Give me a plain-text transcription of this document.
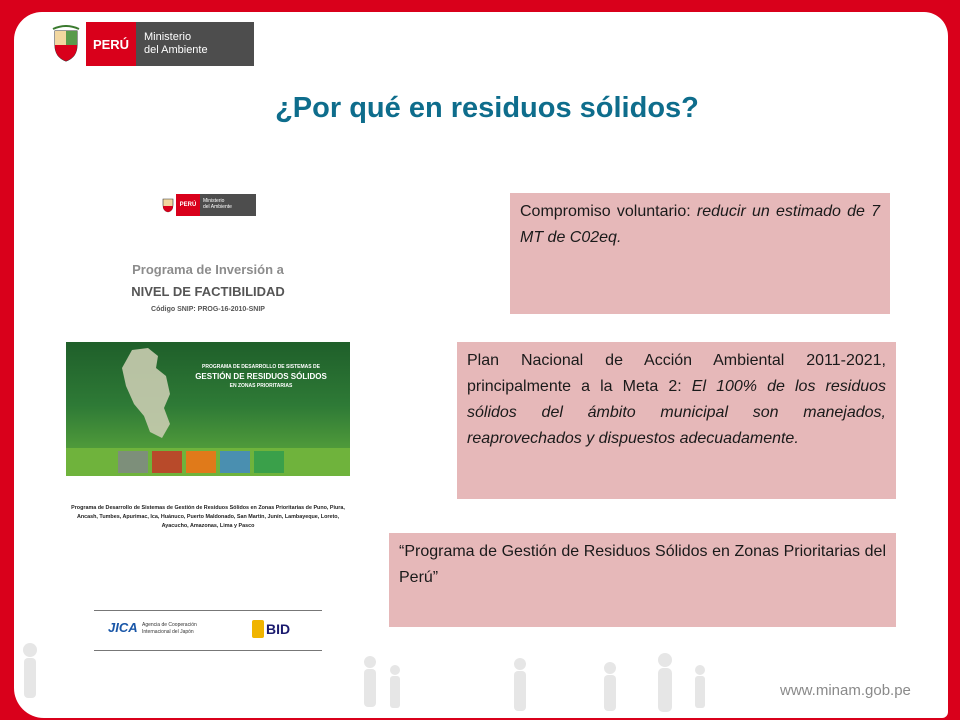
PERÚ	Ministerio
del Ambiente
¿Por qué en residuos sólidos?
PERÚ
Ministerio
del Ambiente
Programa de Inversión a
NIVEL DE FACTIBILIDAD
Código SNIP: PROG-16-2010-SNIP
PROGRAMA DE DESARROLLO DE SISTEMAS DE
GESTIÓN DE RESIDUOS SÓLIDOS
EN ZONAS PRIORITARIAS
Programa de Desarrollo de Sistemas de Gestión de Residuos Sólidos en Zonas Prioritarias de Puno, Piura, Ancash, Tumbes, Apurimac, Ica, Huánuco, Puerto Maldonado, San Martín, Junín, Lambayeque, Loreto, Ayacucho, Amazonas, Lima y Pasco
JICA Agencia de Cooperación Internacional del Japón	BID
Compromiso voluntario: reducir un estimado de 7 MT de C02eq.
Plan Nacional de Acción Ambiental 2011-2021, principalmente a la Meta 2: El 100% de los residuos sólidos del ámbito municipal son manejados, reaprovechados y dispuestos adecuadamente.
“Programa de Gestión de Residuos Sólidos en Zonas Prioritarias del Perú”
www.minam.gob.pe
